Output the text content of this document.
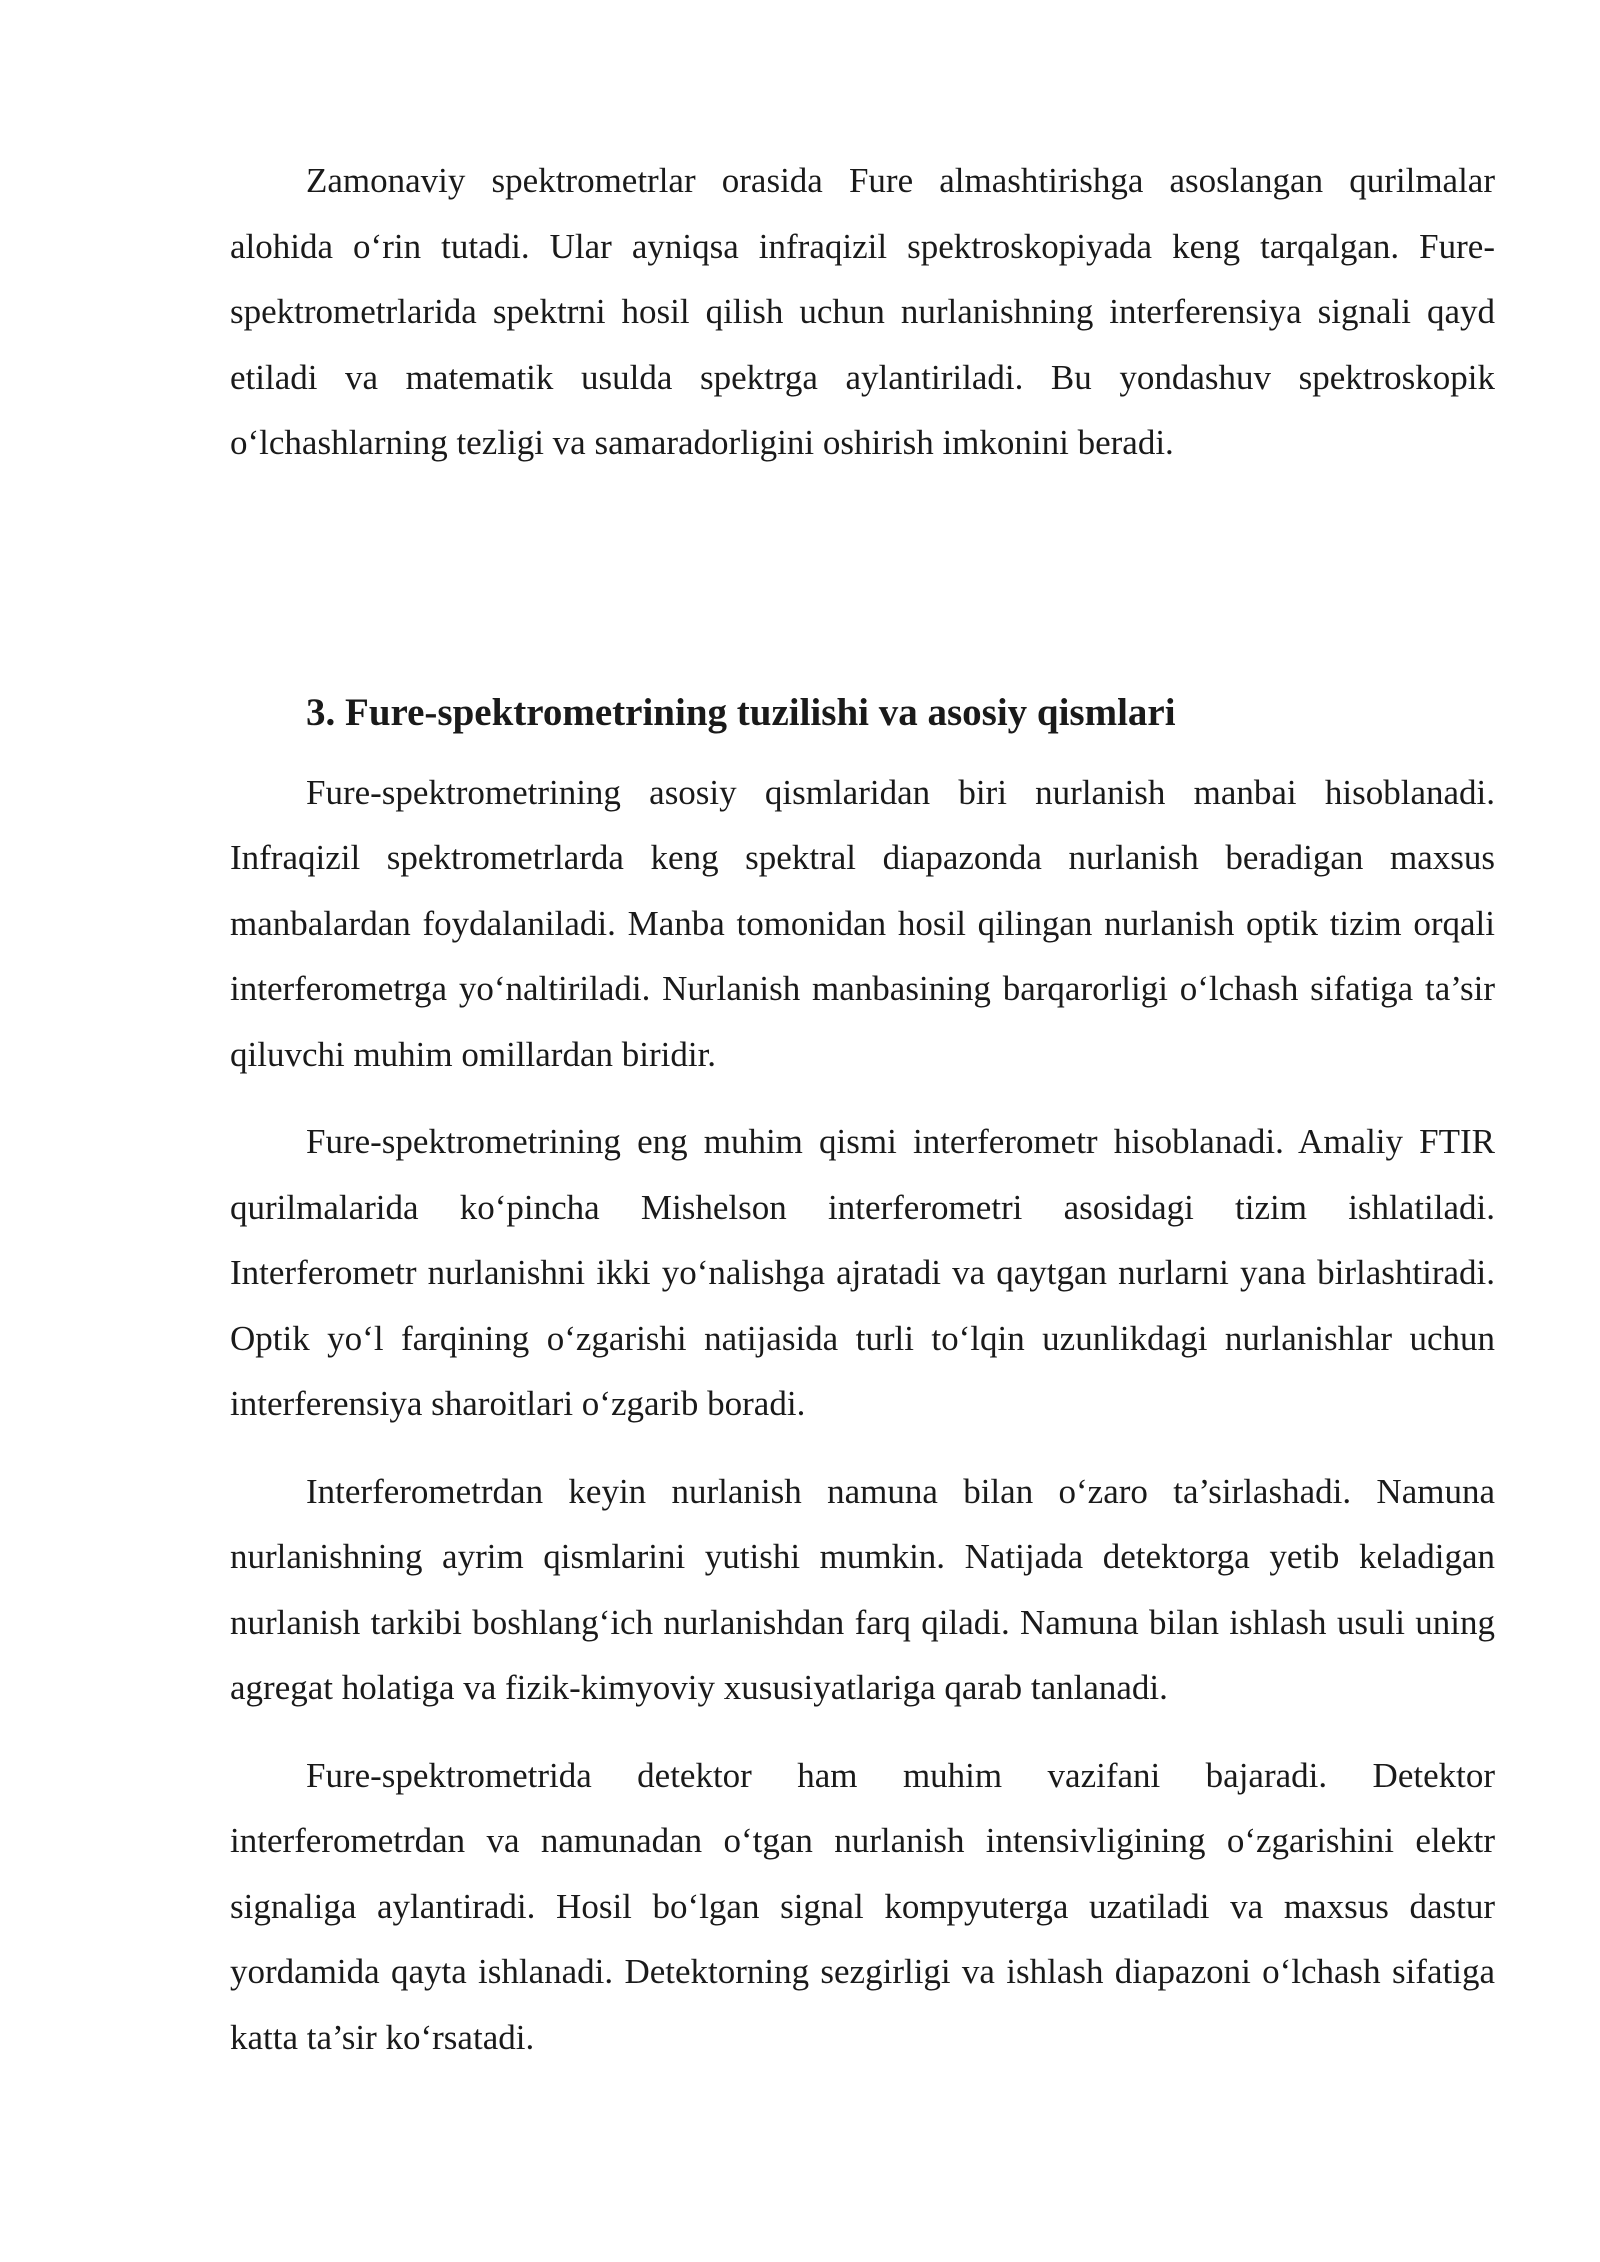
Zamonaviy spektrometrlar orasida Fure almashtirishga asoslangan qurilmalar alohida o‘rin tutadi. Ular ayniqsa infraqizil spektroskopiyada keng tarqalgan. Fure-spektrometrlarida spektrni hosil qilish uchun nurlanishning interferensiya signali qayd etiladi va matematik usulda spektrga aylantiriladi. Bu yondashuv spektroskopik o‘lchashlarning tezligi va samaradorligini oshirish imkonini beradi.

3. Fure-spektrometrining tuzilishi va asosiy qismlari

Fure-spektrometrining asosiy qismlaridan biri nurlanish manbai hisoblanadi. Infraqizil spektrometrlarda keng spektral diapazonda nurlanish beradigan maxsus manbalardan foydalaniladi. Manba tomonidan hosil qilingan nurlanish optik tizim orqali interferometrga yo‘naltiriladi. Nurlanish manbasining barqarorligi o‘lchash sifatiga ta’sir qiluvchi muhim omillardan biridir.

Fure-spektrometrining eng muhim qismi interferometr hisoblanadi. Amaliy FTIR qurilmalarida ko‘pincha Mishelson interferometri asosidagi tizim ishlatiladi. Interferometr nurlanishni ikki yo‘nalishga ajratadi va qaytgan nurlarni yana birlashtiradi. Optik yo‘l farqining o‘zgarishi natijasida turli to‘lqin uzunlikdagi nurlanishlar uchun interferensiya sharoitlari o‘zgarib boradi.

Interferometrdan keyin nurlanish namuna bilan o‘zaro ta’sirlashadi. Namuna nurlanishning ayrim qismlarini yutishi mumkin. Natijada detektorga yetib keladigan nurlanish tarkibi boshlang‘ich nurlanishdan farq qiladi. Namuna bilan ishlash usuli uning agregat holatiga va fizik-kimyoviy xususiyatlariga qarab tanlanadi.

Fure-spektrometrida detektor ham muhim vazifani bajaradi. Detektor interferometrdan va namunadan o‘tgan nurlanish intensivligining o‘zgarishini elektr signaliga aylantiradi. Hosil bo‘lgan signal kompyuterga uzatiladi va maxsus dastur yordamida qayta ishlanadi. Detektorning sezgirligi va ishlash diapazoni o‘lchash sifatiga katta ta’sir ko‘rsatadi.
